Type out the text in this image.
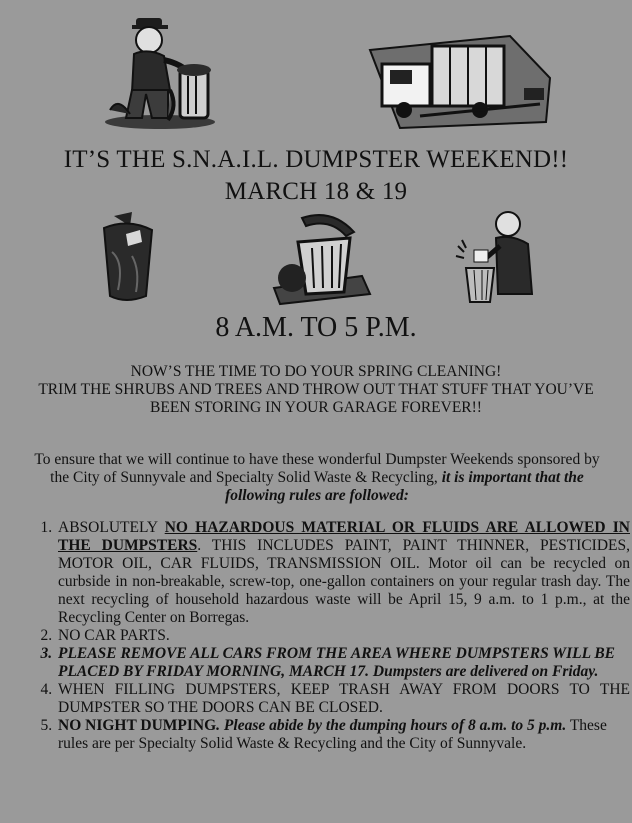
IT’S THE S.N.A.I.L. DUMPSTER WEEKEND!!
MARCH 18 & 19
8 A.M. TO 5 P.M.
NOW’S THE TIME TO DO YOUR SPRING CLEANING!
TRIM THE SHRUBS AND TREES AND THROW OUT THAT STUFF THAT YOU’VE
BEEN STORING IN YOUR GARAGE FOREVER!!
To ensure that we will continue to have these wonderful Dumpster Weekends sponsored by the City of Sunnyvale and Specialty Solid Waste & Recycling, it is important that the following rules are followed:
1. ABSOLUTELY NO HAZARDOUS MATERIAL OR FLUIDS ARE ALLOWED IN THE DUMPSTERS. THIS INCLUDES PAINT, PAINT THINNER, PESTICIDES, MOTOR OIL, CAR FLUIDS, TRANSMISSION OIL. Motor oil can be recycled on curbside in non-breakable, screw-top, one-gallon containers on your regular trash day. The next recycling of household hazardous waste will be April 15, 9 a.m. to 1 p.m., at the Recycling Center on Borregas.
2. NO CAR PARTS.
3. PLEASE REMOVE ALL CARS FROM THE AREA WHERE DUMPSTERS WILL BE PLACED BY FRIDAY MORNING, MARCH 17. Dumpsters are delivered on Friday.
4. WHEN FILLING DUMPSTERS, KEEP TRASH AWAY FROM DOORS TO THE DUMPSTER SO THE DOORS CAN BE CLOSED.
5. NO NIGHT DUMPING. Please abide by the dumping hours of 8 a.m. to 5 p.m. These rules are per Specialty Solid Waste & Recycling and the City of Sunnyvale.
